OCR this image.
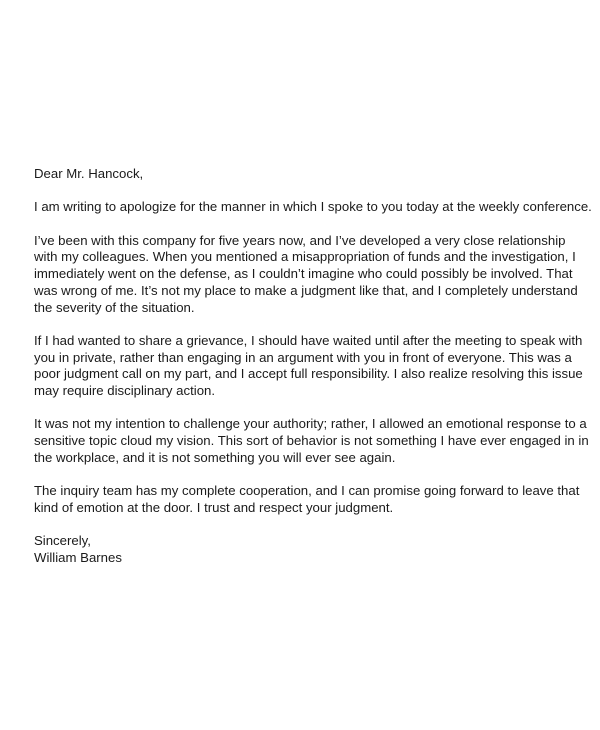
Dear Mr. Hancock,

I am writing to apologize for the manner in which I spoke to you today at the weekly conference.

I’ve been with this company for five years now, and I’ve developed a very close relationship
with my colleagues. When you mentioned a misappropriation of funds and the investigation, I
immediately went on the defense, as I couldn’t imagine who could possibly be involved. That
was wrong of me. It’s not my place to make a judgment like that, and I completely understand
the severity of the situation.

If I had wanted to share a grievance, I should have waited until after the meeting to speak with
you in private, rather than engaging in an argument with you in front of everyone. This was a
poor judgment call on my part, and I accept full responsibility. I also realize resolving this issue
may require disciplinary action.

It was not my intention to challenge your authority; rather, I allowed an emotional response to a
sensitive topic cloud my vision. This sort of behavior is not something I have ever engaged in in
the workplace, and it is not something you will ever see again.

The inquiry team has my complete cooperation, and I can promise going forward to leave that
kind of emotion at the door. I trust and respect your judgment.

Sincerely,

William Barnes
